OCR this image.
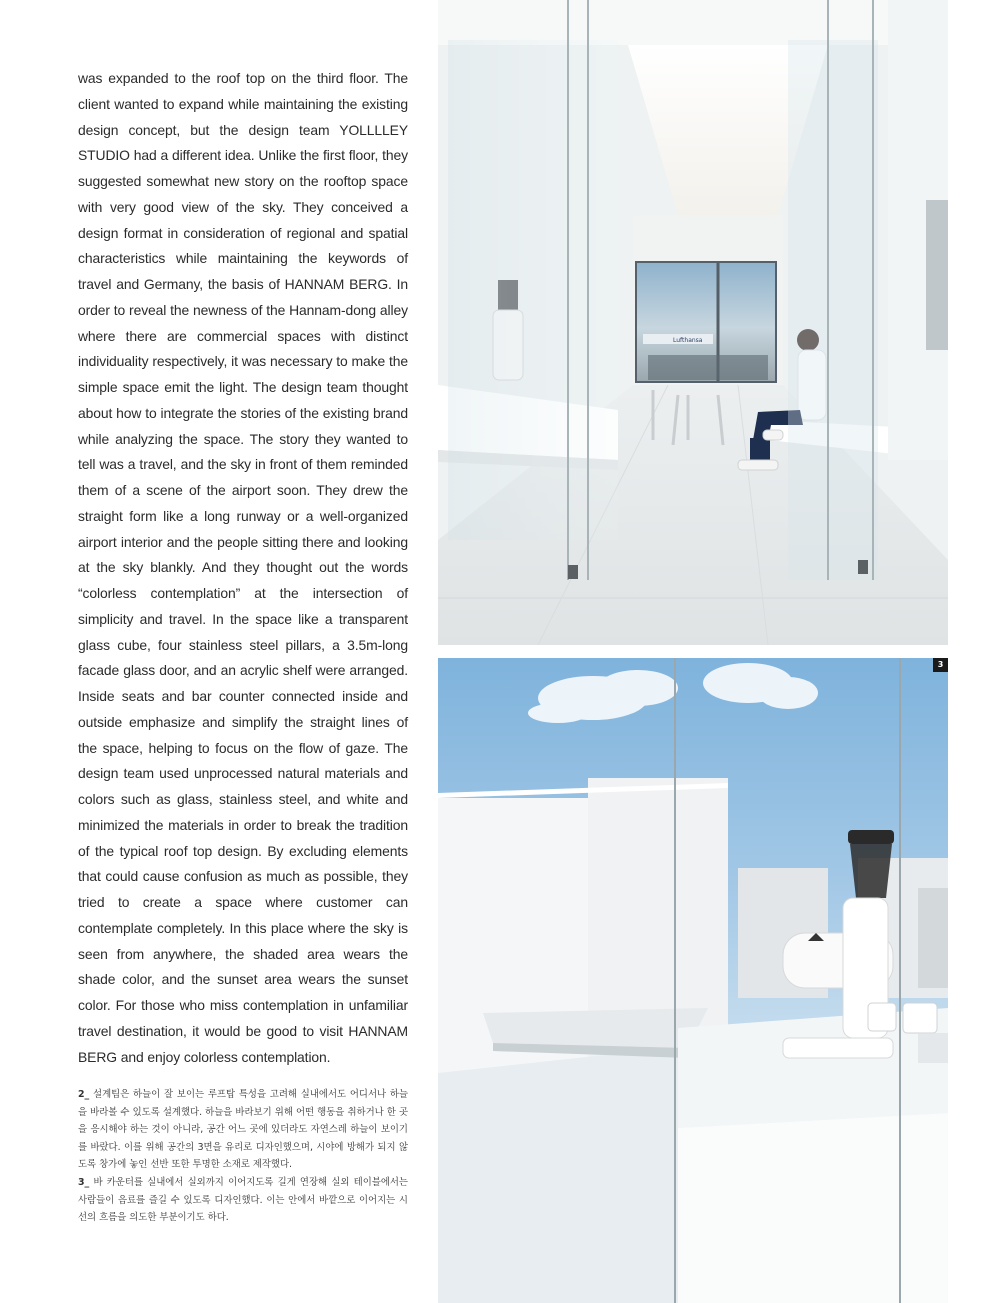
was expanded to the roof top on the third floor. The client wanted to expand while maintaining the existing design concept, but the design team YOLLLLEY STUDIO had a different idea. Unlike the first floor, they suggested somewhat new story on the rooftop space with very good view of the sky. They conceived a design format in consideration of regional and spatial characteristics while maintaining the keywords of travel and Germany, the basis of HANNAM BERG. In order to reveal the newness of the Hannam-dong alley where there are commercial spaces with distinct individuality respectively, it was necessary to make the simple space emit the light. The design team thought about how to integrate the stories of the existing brand while analyzing the space. The story they wanted to tell was a travel, and the sky in front of them reminded them of a scene of the airport soon. They drew the straight form like a long runway or a well-organized airport interior and the people sitting there and looking at the sky blankly. And they thought out the words “colorless contemplation” at the intersection of simplicity and travel. In the space like a transparent glass cube, four stainless steel pillars, a 3.5m-long facade glass door, and an acrylic shelf were arranged. Inside seats and bar counter connected inside and outside emphasize and simplify the straight lines of the space, helping to focus on the flow of gaze. The design team used unprocessed natural materials and colors such as glass, stainless steel, and white and minimized the materials in order to break the tradition of the typical roof top design. By excluding elements that could cause confusion as much as possible, they tried to create a space where customer can contemplate completely. In this place where the sky is seen from anywhere, the shaded area wears the shade color, and the sunset area wears the sunset color. For those who miss contemplation in unfamiliar travel destination, it would be good to visit HANNAM BERG and enjoy colorless contemplation.

2_ 설계팀은 하늘이 잘 보이는 루프탑 특성을 고려해 실내에서도 어디서나 하늘을 바라볼 수 있도록 설계했다. 하늘을 바라보기 위해 어떤 행동을 취하거나 한 곳을 응시해야 하는 것이 아니라, 공간 어느 곳에 있더라도 자연스레 하늘이 보이기를 바랐다. 이를 위해 공간의 3면을 유리로 디자인했으며, 시야에 방해가 되지 않도록 창가에 놓인 선반 또한 투명한 소재로 제작했다.

3_ 바 카운터를 실내에서 실외까지 이어지도록 길게 연장해 실외 테이블에서는 사람들이 음료를 즐길 수 있도록 디자인했다. 이는 안에서 바깥으로 이어지는 시선의 흐름을 의도한 부분이기도 하다.

Lufthansa
3
